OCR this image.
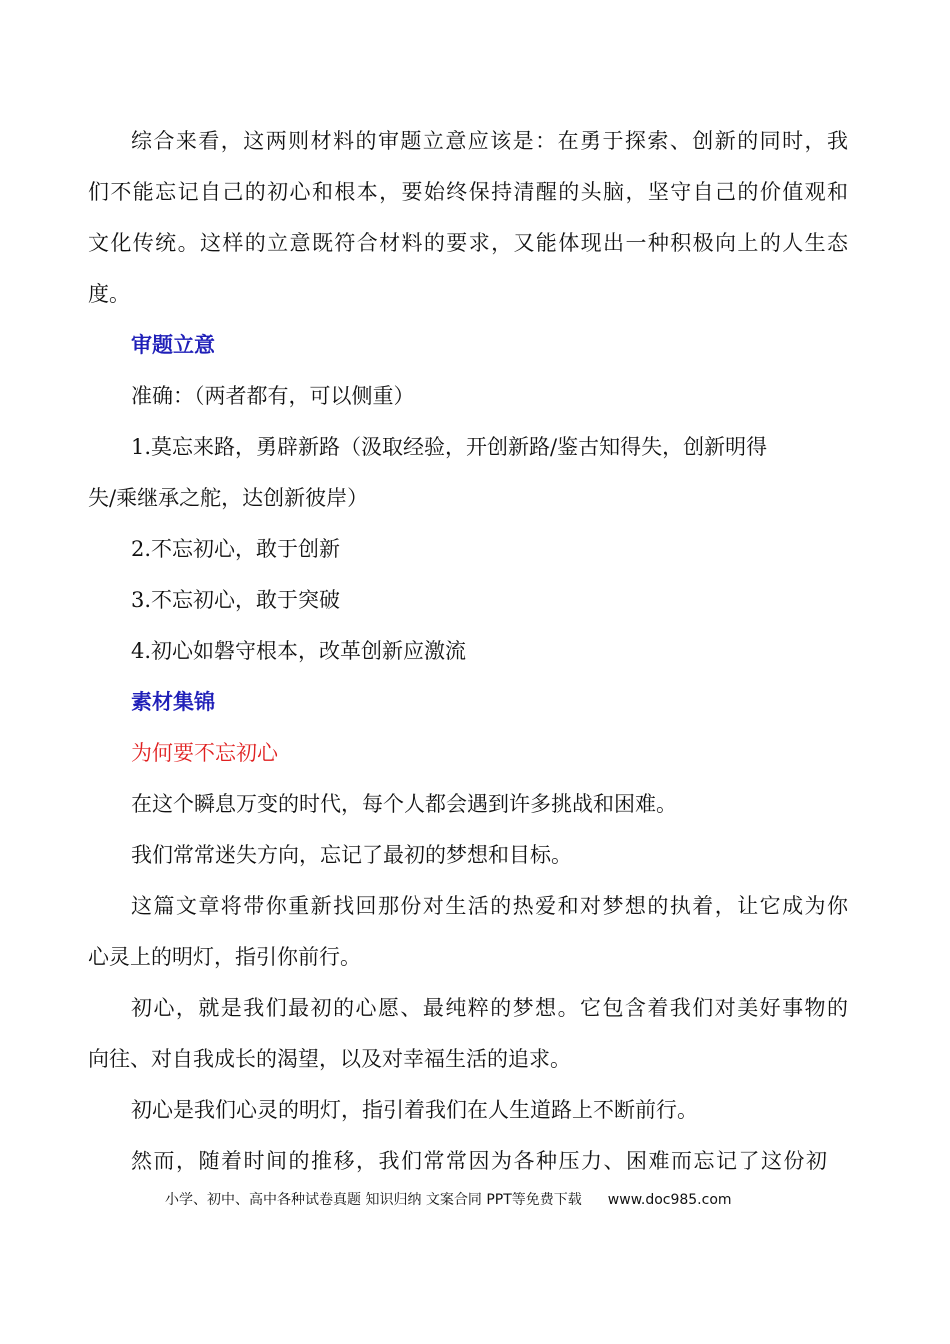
综合来看，这两则材料的审题立意应该是：在勇于探索、创新的同时，我
们不能忘记自己的初心和根本，要始终保持清醒的头脑，坚守自己的价值观和
文化传统。这样的立意既符合材料的要求，又能体现出一种积极向上的人生态
度。
审题立意
准确：（两者都有，可以侧重）
1.莫忘来路，勇辟新路（汲取经验，开创新路/鉴古知得失，创新明得
失/乘继承之舵，达创新彼岸）
2.不忘初心，敢于创新
3.不忘初心，敢于突破
4.初心如磐守根本，改革创新应激流
素材集锦
为何要不忘初心
在这个瞬息万变的时代，每个人都会遇到许多挑战和困难。
我们常常迷失方向，忘记了最初的梦想和目标。
这篇文章将带你重新找回那份对生活的热爱和对梦想的执着，让它成为你
心灵上的明灯，指引你前行。
初心，就是我们最初的心愿、最纯粹的梦想。它包含着我们对美好事物的
向往、对自我成长的渴望，以及对幸福生活的追求。
初心是我们心灵的明灯，指引着我们在人生道路上不断前行。
然而，随着时间的推移，我们常常因为各种压力、困难而忘记了这份初
小学、初中、高中各种试卷真题 知识归纳 文案合同 PPT等免费下载 www.doc985.com
